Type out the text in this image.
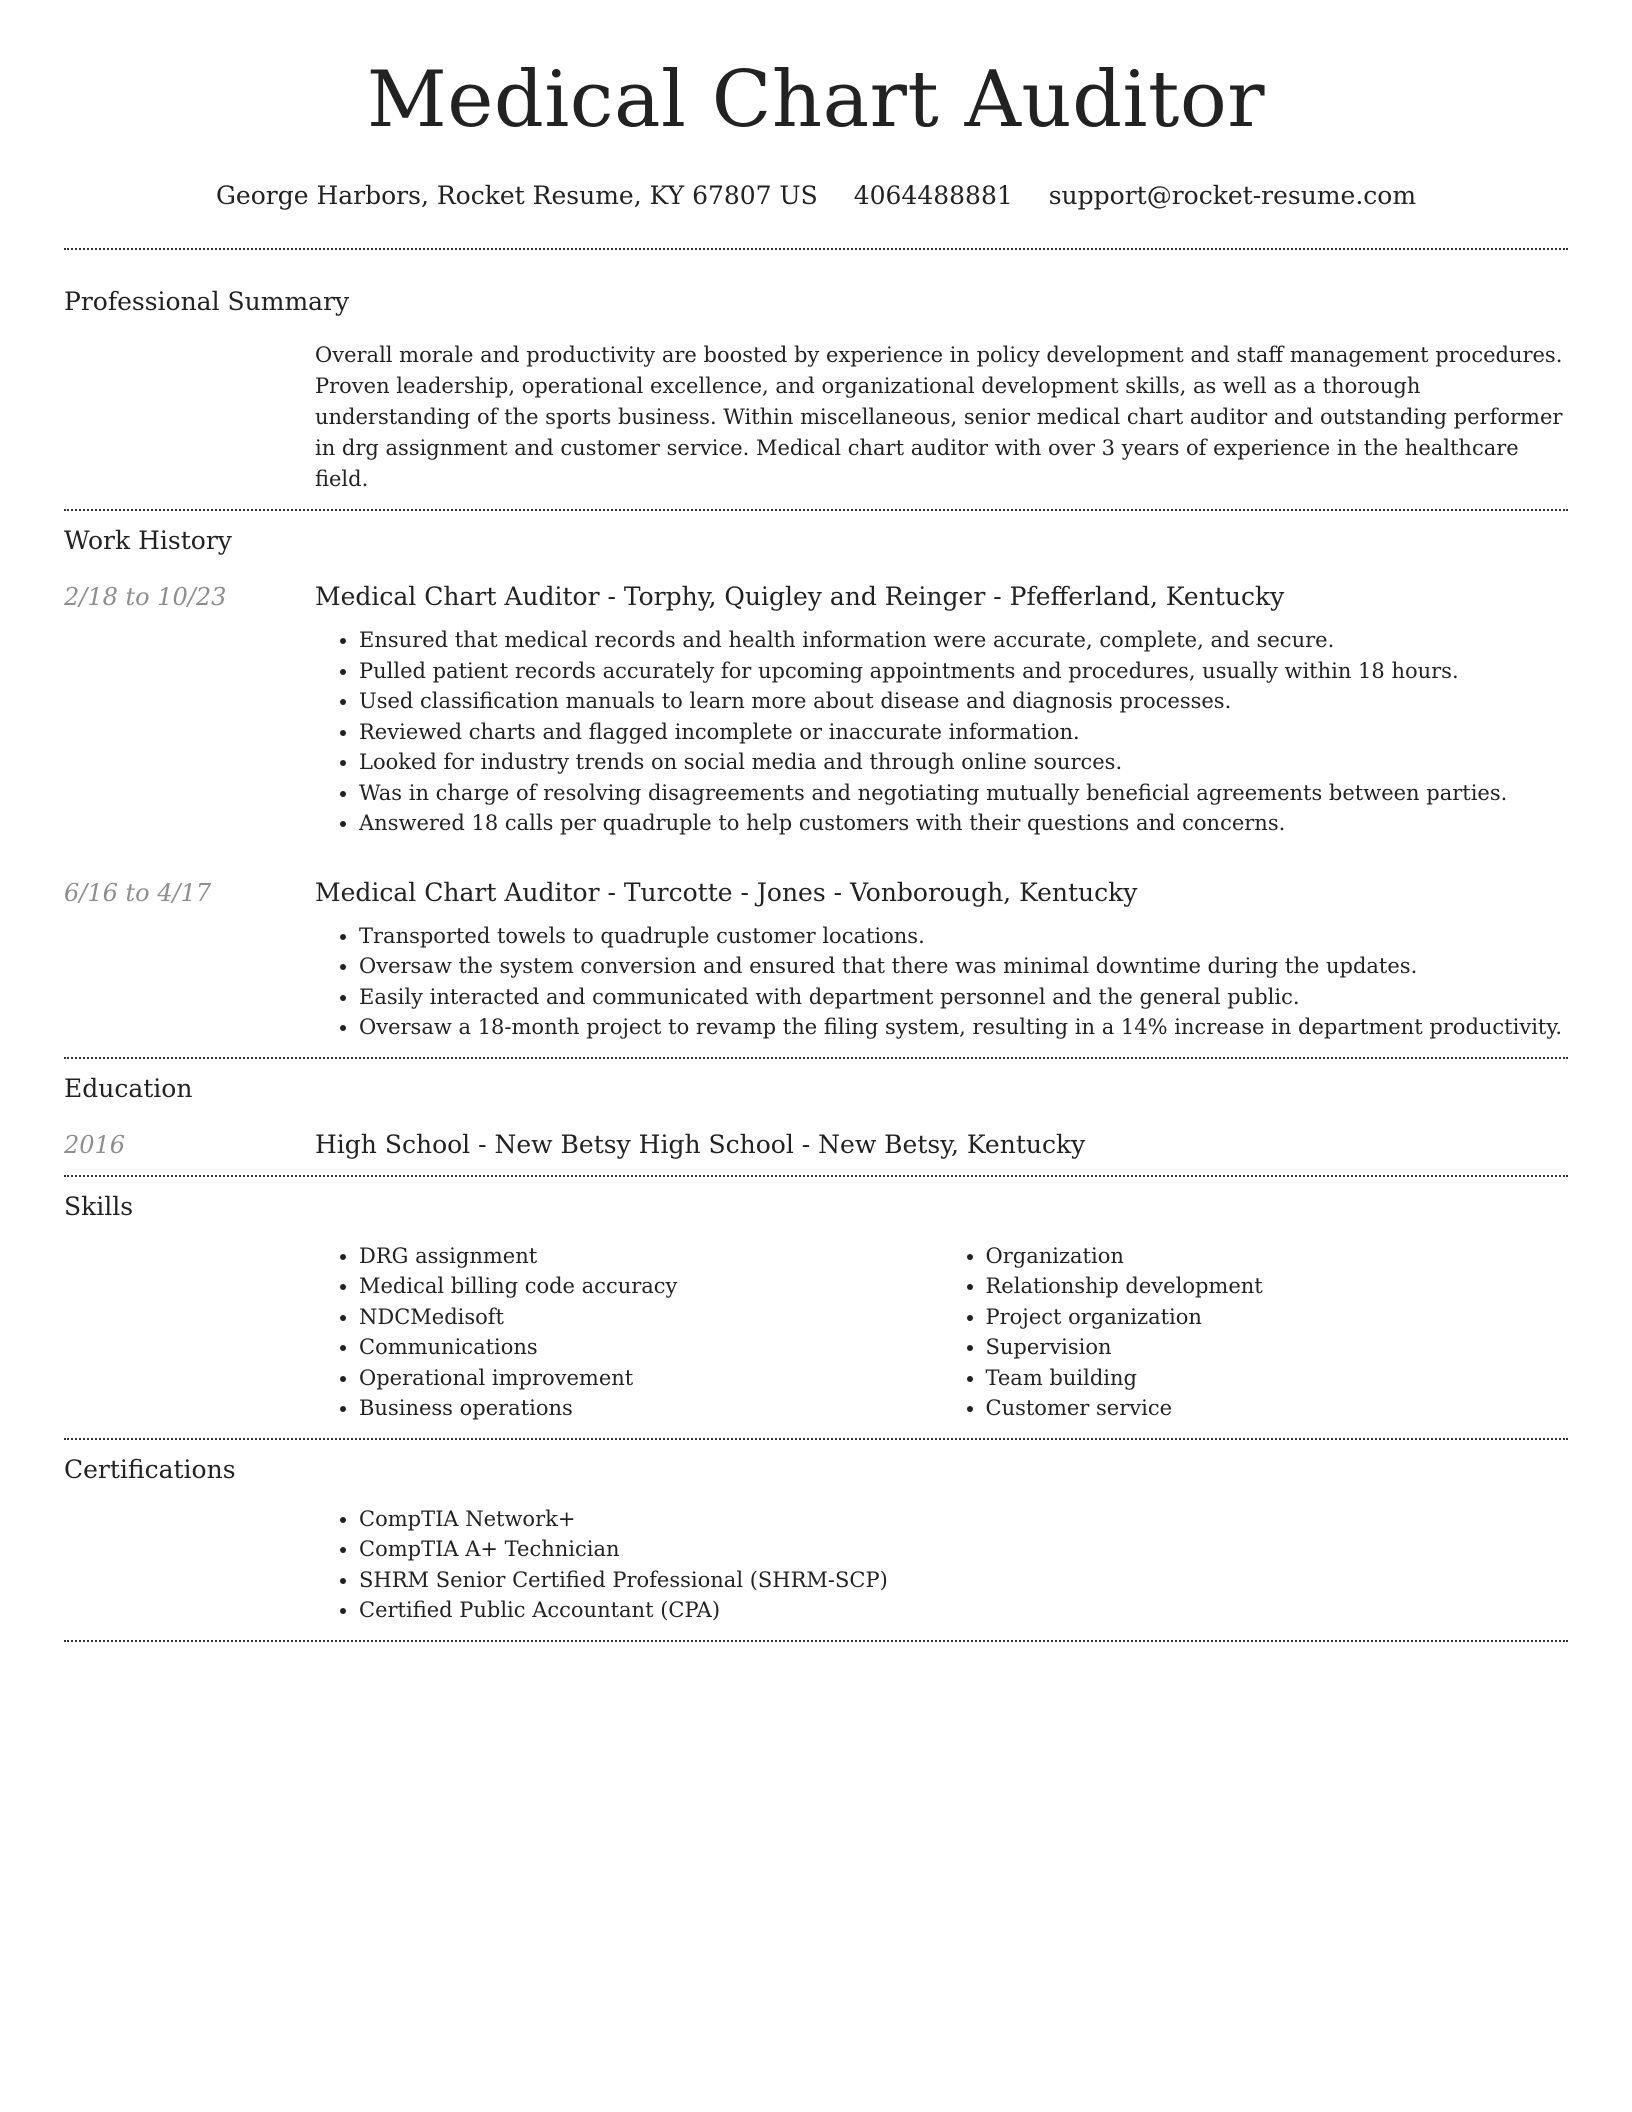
Medical Chart Auditor
George Harbors, Rocket Resume, KY 67807 US 4064488881 support@rocket-resume.com
Professional Summary

Overall morale and productivity are boosted by experience in policy development and staff management procedures. Proven leadership, operational excellence, and organizational development skills, as well as a thorough understanding of the sports business. Within miscellaneous, senior medical chart auditor and outstanding performer in drg assignment and customer service. Medical chart auditor with over 3 years of experience in the healthcare field.

Work History
2/18 to 10/23	Medical Chart Auditor - Torphy, Quigley and Reinger - Pfefferland, Kentucky
• Ensured that medical records and health information were accurate, complete, and secure.
• Pulled patient records accurately for upcoming appointments and procedures, usually within 18 hours.
• Used classification manuals to learn more about disease and diagnosis processes.
• Reviewed charts and flagged incomplete or inaccurate information.
• Looked for industry trends on social media and through online sources.
• Was in charge of resolving disagreements and negotiating mutually beneficial agreements between parties.
• Answered 18 calls per quadruple to help customers with their questions and concerns.
6/16 to 4/17	Medical Chart Auditor - Turcotte - Jones - Vonborough, Kentucky
• Transported towels to quadruple customer locations.
• Oversaw the system conversion and ensured that there was minimal downtime during the updates.
• Easily interacted and communicated with department personnel and the general public.
• Oversaw a 18-month project to revamp the filing system, resulting in a 14% increase in department productivity.
Education
2016	High School - New Betsy High School - New Betsy, Kentucky
Skills
• DRG assignment
• Medical billing code accuracy
• NDCMedisoft
• Communications
• Operational improvement
• Business operations
• Organization
• Relationship development
• Project organization
• Supervision
• Team building
• Customer service
Certifications
• CompTIA Network+
• CompTIA A+ Technician
• SHRM Senior Certified Professional (SHRM-SCP)
• Certified Public Accountant (CPA)
